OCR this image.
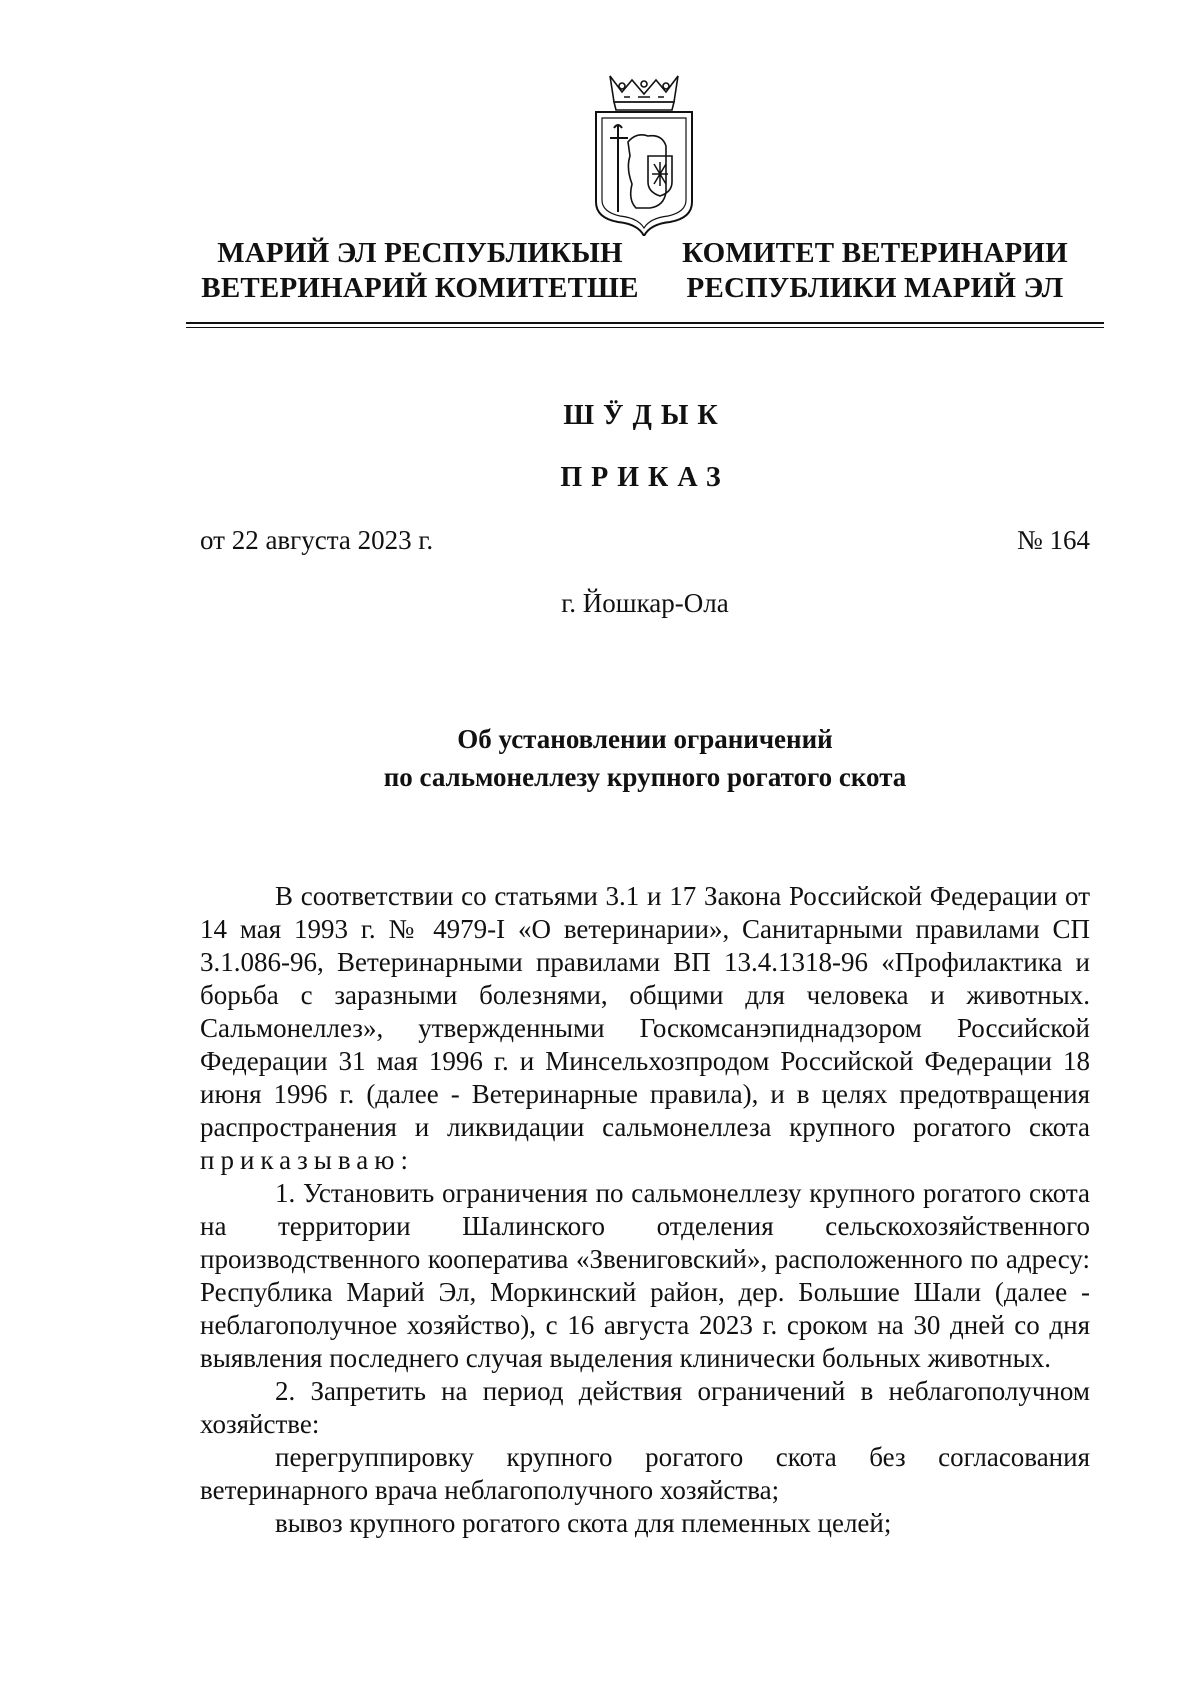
МАРИЙ ЭЛ РЕСПУБЛИКЫН
ВЕТЕРИНАРИЙ КОМИТЕТШЕ
КОМИТЕТ ВЕТЕРИНАРИИ
РЕСПУБЛИКИ МАРИЙ ЭЛ
ШӰДЫК
ПРИКАЗ
от 22 августа 2023 г.	№ 164
г. Йошкар-Ола
Об установлении ограничений
по сальмонеллезу крупного рогатого скота

В соответствии со статьями 3.1 и 17 Закона Российской Федерации от 14 мая 1993 г. № 4979-I «О ветеринарии», Санитарными правилами СП 3.1.086-96, Ветеринарными правилами ВП 13.4.1318-96 «Профилактика и борьба с заразными болезнями, общими для человека и животных. Сальмонеллез», утвержденными Госкомсанэпиднадзором Российской Федерации 31 мая 1996 г. и Минсельхозпродом Российской Федерации 18 июня 1996 г. (далее - Ветеринарные правила), и в целях предотвращения распространения и ликвидации сальмонеллеза крупного рогатого скота приказываю:

1. Установить ограничения по сальмонеллезу крупного рогатого скота на территории Шалинского отделения сельскохозяйственного производственного кооператива «Звениговский», расположенного по адресу: Республика Марий Эл, Моркинский район, дер. Большие Шали (далее - неблагополучное хозяйство), с 16 августа 2023 г. сроком на 30 дней со дня выявления последнего случая выделения клинически больных животных.

2. Запретить на период действия ограничений в неблагополучном хозяйстве:

перегруппировку крупного рогатого скота без согласования ветеринарного врача неблагополучного хозяйства;

вывоз крупного рогатого скота для племенных целей;
